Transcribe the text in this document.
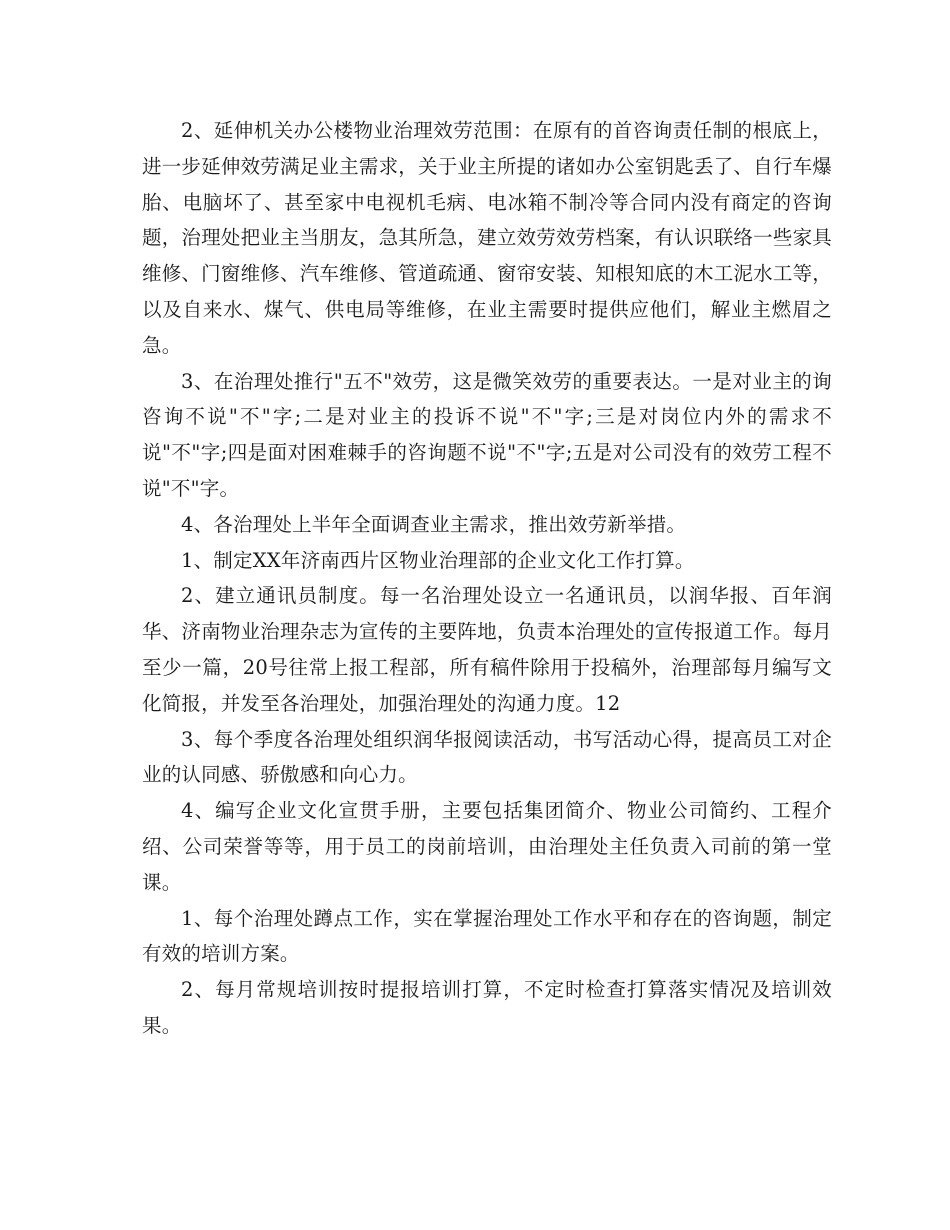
2、延伸机关办公楼物业治理效劳范围：在原有的首咨询责任制的根底上，进一步延伸效劳满足业主需求，关于业主所提的诸如办公室钥匙丢了、自行车爆胎、电脑坏了、甚至家中电视机毛病、电冰箱不制冷等合同内没有商定的咨询题，治理处把业主当朋友，急其所急，建立效劳效劳档案，有认识联络一些家具维修、门窗维修、汽车维修、管道疏通、窗帘安装、知根知底的木工泥水工等，以及自来水、煤气、供电局等维修，在业主需要时提供应他们，解业主燃眉之急。

3、在治理处推行"五不"效劳，这是微笑效劳的重要表达。一是对业主的询咨询不说"不"字;二是对业主的投诉不说"不"字;三是对岗位内外的需求不说"不"字;四是面对困难棘手的咨询题不说"不"字;五是对公司没有的效劳工程不说"不"字。

4、各治理处上半年全面调查业主需求，推出效劳新举措。

1、制定XX年济南西片区物业治理部的企业文化工作打算。

2、建立通讯员制度。每一名治理处设立一名通讯员，以润华报、百年润华、济南物业治理杂志为宣传的主要阵地，负责本治理处的宣传报道工作。每月至少一篇，20号往常上报工程部，所有稿件除用于投稿外，治理部每月编写文化简报，并发至各治理处，加强治理处的沟通力度。12

3、每个季度各治理处组织润华报阅读活动，书写活动心得，提高员工对企业的认同感、骄傲感和向心力。

4、编写企业文化宣贯手册，主要包括集团简介、物业公司简约、工程介绍、公司荣誉等等，用于员工的岗前培训，由治理处主任负责入司前的第一堂课。

1、每个治理处蹲点工作，实在掌握治理处工作水平和存在的咨询题，制定有效的培训方案。

2、每月常规培训按时提报培训打算，不定时检查打算落实情况及培训效果。
